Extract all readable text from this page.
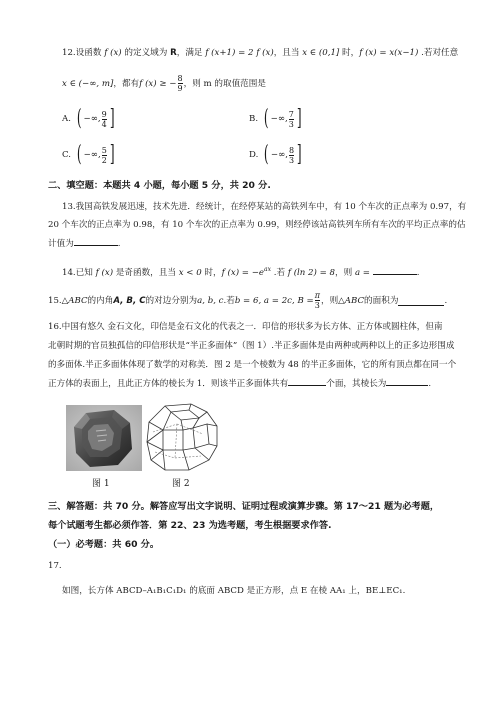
12.设函数 f (x) 的定义域为 R，满足 f (x+1) = 2 f (x)，且当 x ∈ (0,1] 时，f (x) = x(x−1) .若对任意
x ∈ (−∞, m] ，都有 f (x) ≥ − $\frac{8}{9}$ ，则 m 的取值范围是
A. ( −∞, $\frac{9}{4}$ ]	B. ( −∞, $\frac{7}{3}$ ]
C. ( −∞, $\frac{5}{2}$ ]	D. ( −∞, $\frac{8}{3}$ ]
二、填空题：本题共 4 小题，每小题 5 分，共 20 分.
13.我国高铁发展迅速，技术先进．经统计，在经停某站的高铁列车中，有 10 个车次的正点率为 0.97，有
20 个车次的正点率为 0.98，有 10 个车次的正点率为 0.99，则经停该站高铁列车所有车次的平均正点率的估
计值为	.
14.已知 f (x) 是奇函数，且当 x < 0 时，f $(x) = -e^{ax}$ .若 f (ln 2) = 8，则 a =	.
15. △ABC 的内角 A, B, C 的对边分别为 a, b, c .若 b = 6, a = 2c, $B = \frac{\pi}{3}$ ，则 △ABC 的面积为	.
16.中国有悠久 金石文化，印信是金石文化的代表之一．印信的形状多为长方体、正方体或圆柱体，但南
北朝时期的官员独孤信的印信形状是“半正多面体”（图 1）.半正多面体是由两种或两种以上的正多边形围成
的多面体.半正多面体体现了数学的对称美．图 2 是一个棱数为 48 的半正多面体，它的所有顶点都在同一个
正方体的表面上，且此正方体的棱长为 1．则该半正多面体共有	个面，其棱长为	.
图 1	图 2
三、解答题：共 70 分。解答应写出文字说明、证明过程或演算步骤。第 17～21 题为必考题，
每个试题考生都必须作答．第 22、23 为选考题，考生根据要求作答.
（一）必考题：共 60 分。
17.
如图，长方体 ABCD–A₁B₁C₁D₁ 的底面 ABCD 是正方形，点 E 在棱 AA₁ 上，BE⊥EC₁.
